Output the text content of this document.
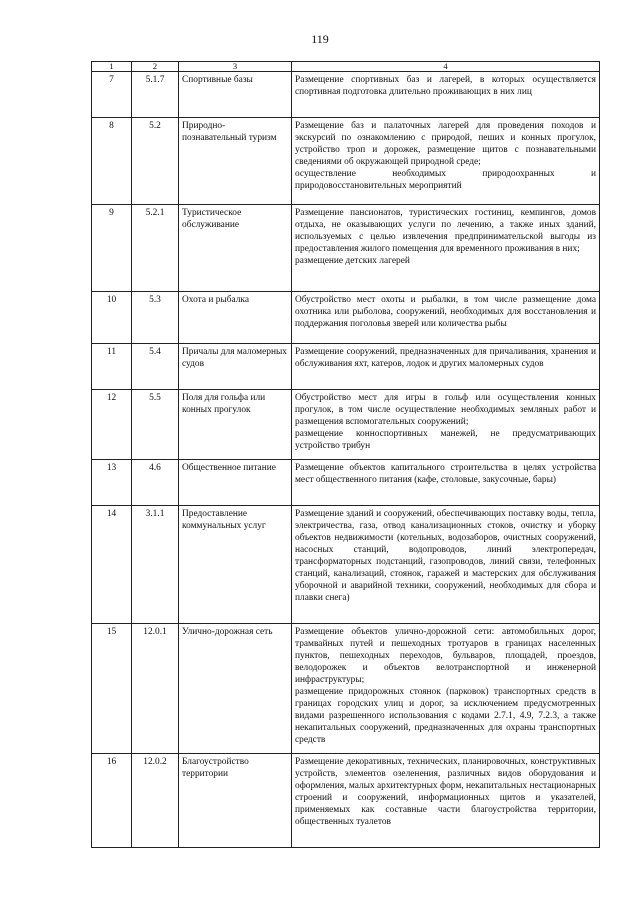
119
1	2	3	4
7	5.1.7	Спортивные базы	Размещение спортивных баз и лагерей, в которых осуществляется спортивная подготовка длительно проживающих в них лиц

8	5.2	Природно-познавательный туризм	Размещение баз и палаточных лагерей для проведения походов и экскурсий по ознакомлению с природой, пеших и конных прогулок, устройство троп и дорожек, размещение щитов с познавательными сведениями об окружающей природной среде;
осуществление необходимых природоохранных и природовосстановительных мероприятий

9	5.2.1	Туристическое обслуживание	Размещение пансионатов, туристических гостиниц, кемпингов, домов отдыха, не оказывающих услуги по лечению, а также иных зданий, используемых с целью извлечения предпринимательской выгоды из предоставления жилого помещения для временного проживания в них;
размещение детских лагерей

10	5.3	Охота и рыбалка	Обустройство мест охоты и рыбалки, в том числе размещение дома охотника или рыболова, сооружений, необходимых для восстановления и поддержания поголовья зверей или количества рыбы

11	5.4	Причалы для маломерных судов	Размещение сооружений, предназначенных для причаливания, хранения и обслуживания яхт, катеров, лодок и других маломерных судов

12	5.5	Поля для гольфа или конных прогулок	Обустройство мест для игры в гольф или осуществления конных прогулок, в том числе осуществление необходимых земляных работ и размещения вспомогательных сооружений;
размещение конноспортивных манежей, не предусматривающих устройство трибун

13	4.6	Общественное питание	Размещение объектов капитального строительства в целях устройства мест общественного питания (кафе, столовые, закусочные, бары)

14	3.1.1	Предоставление коммунальных услуг	Размещение зданий и сооружений, обеспечивающих поставку воды, тепла, электричества, газа, отвод канализационных стоков, очистку и уборку объектов недвижимости (котельных, водозаборов, очистных сооружений, насосных станций, водопроводов, линий электропередач, трансформаторных подстанций, газопроводов, линий связи, телефонных станций, канализаций, стоянок, гаражей и мастерских для обслуживания уборочной и аварийной техники, сооружений, необходимых для сбора и плавки снега)

15	12.0.1	Улично-дорожная сеть	Размещение объектов улично-дорожной сети: автомобильных дорог, трамвайных путей и пешеходных тротуаров в границах населенных пунктов, пешеходных переходов, бульваров, площадей, проездов, велодорожек и объектов велотранспортной и инженерной инфраструктуры;
размещение придорожных стоянок (парковок) транспортных средств в границах городских улиц и дорог, за исключением предусмотренных видами разрешенного использования с кодами 2.7.1, 4.9, 7.2.3, а также некапитальных сооружений, предназначенных для охраны транспортных средств

16	12.0.2	Благоустройство территории	Размещение декоративных, технических, планировочных, конструктивных устройств, элементов озеленения, различных видов оборудования и оформления, малых архитектурных форм, некапитальных нестационарных строений и сооружений, информационных щитов и указателей, применяемых как составные части благоустройства территории, общественных туалетов
